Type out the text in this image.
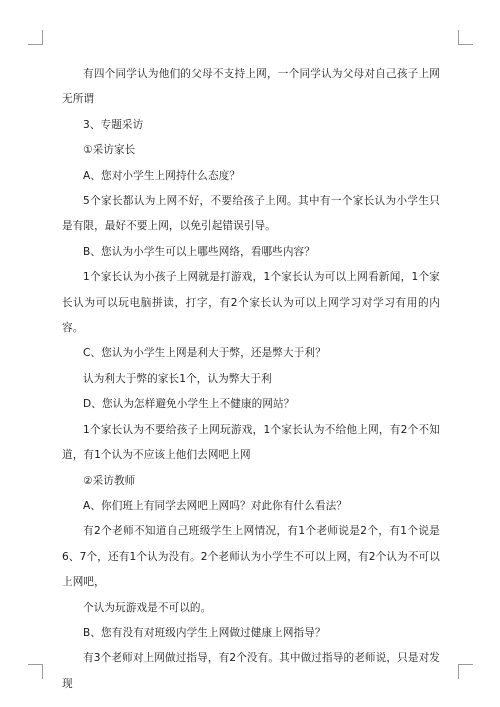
有四个同学认为他们的父母不支持上网，一个同学认为父母对自己孩子上网无所谓

3、专题采访

①采访家长

A、您对小学生上网持什么态度？

5个家长都认为上网不好，不要给孩子上网。其中有一个家长认为小学生只是有限，最好不要上网，以免引起错误引导。

B、您认为小学生可以上哪些网络，看哪些内容？

1个家长认为小孩子上网就是打游戏，1个家长认为可以上网看新闻，1个家长认为可以玩电脑拼读，打字，有2个家长认为可以上网学习对学习有用的内容。

C、您认为小学生上网是利大于弊，还是弊大于利？

认为利大于弊的家长1个，认为弊大于利

D、您认为怎样避免小学生上不健康的网站？

1个家长认为不要给孩子上网玩游戏，1个家长认为不给他上网，有2个不知道，有1个认为不应该上他们去网吧上网

②采访教师

A、你们班上有同学去网吧上网吗？对此你有什么看法？

有2个老师不知道自己班级学生上网情况，有1个老师说是2个，有1个说是6、7个，还有1个认为没有。2个老师认为小学生不可以上网，有2个认为不可以上网吧，

个认为玩游戏是不可以的。

B、您有没有对班级内学生上网做过健康上网指导？

有3个老师对上网做过指导，有2个没有。其中做过指导的老师说，只是对发现
